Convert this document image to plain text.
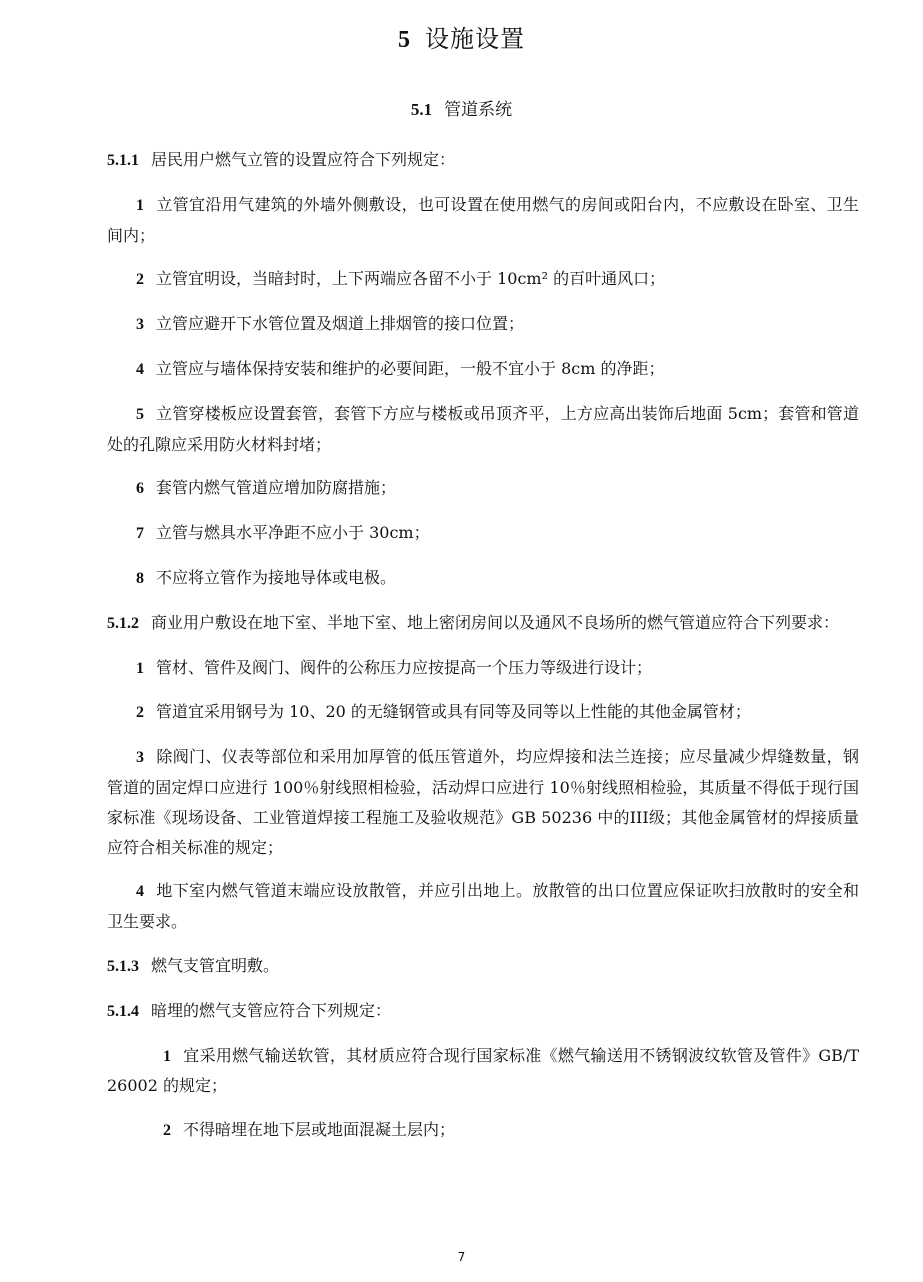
5 设施设置
5.1 管道系统

5.1.1 居民用户燃气立管的设置应符合下列规定：

1 立管宜沿用气建筑的外墙外侧敷设，也可设置在使用燃气的房间或阳台内，不应敷设在卧室、卫生间内；

2 立管宜明设，当暗封时，上下两端应各留不小于 10cm² 的百叶通风口；

3 立管应避开下水管位置及烟道上排烟管的接口位置；

4 立管应与墙体保持安装和维护的必要间距，一般不宜小于 8cm 的净距；

5 立管穿楼板应设置套管，套管下方应与楼板或吊顶齐平，上方应高出装饰后地面 5cm；套管和管道处的孔隙应采用防火材料封堵；

6 套管内燃气管道应增加防腐措施；

7 立管与燃具水平净距不应小于 30cm；

8 不应将立管作为接地导体或电极。

5.1.2 商业用户敷设在地下室、半地下室、地上密闭房间以及通风不良场所的燃气管道应符合下列要求：

1 管材、管件及阀门、阀件的公称压力应按提高一个压力等级进行设计；

2 管道宜采用钢号为 10、20 的无缝钢管或具有同等及同等以上性能的其他金属管材；

3 除阀门、仪表等部位和采用加厚管的低压管道外，均应焊接和法兰连接；应尽量减少焊缝数量，钢管道的固定焊口应进行 100％射线照相检验，活动焊口应进行 10％射线照相检验，其质量不得低于现行国家标准《现场设备、工业管道焊接工程施工及验收规范》GB 50236 中的III级；其他金属管材的焊接质量应符合相关标准的规定；

4 地下室内燃气管道末端应设放散管，并应引出地上。放散管的出口位置应保证吹扫放散时的安全和卫生要求。

5.1.3 燃气支管宜明敷。

5.1.4 暗埋的燃气支管应符合下列规定：

1 宜采用燃气输送软管，其材质应符合现行国家标准《燃气输送用不锈钢波纹软管及管件》GB/T 26002 的规定；

2 不得暗埋在地下层或地面混凝土层内；

7
